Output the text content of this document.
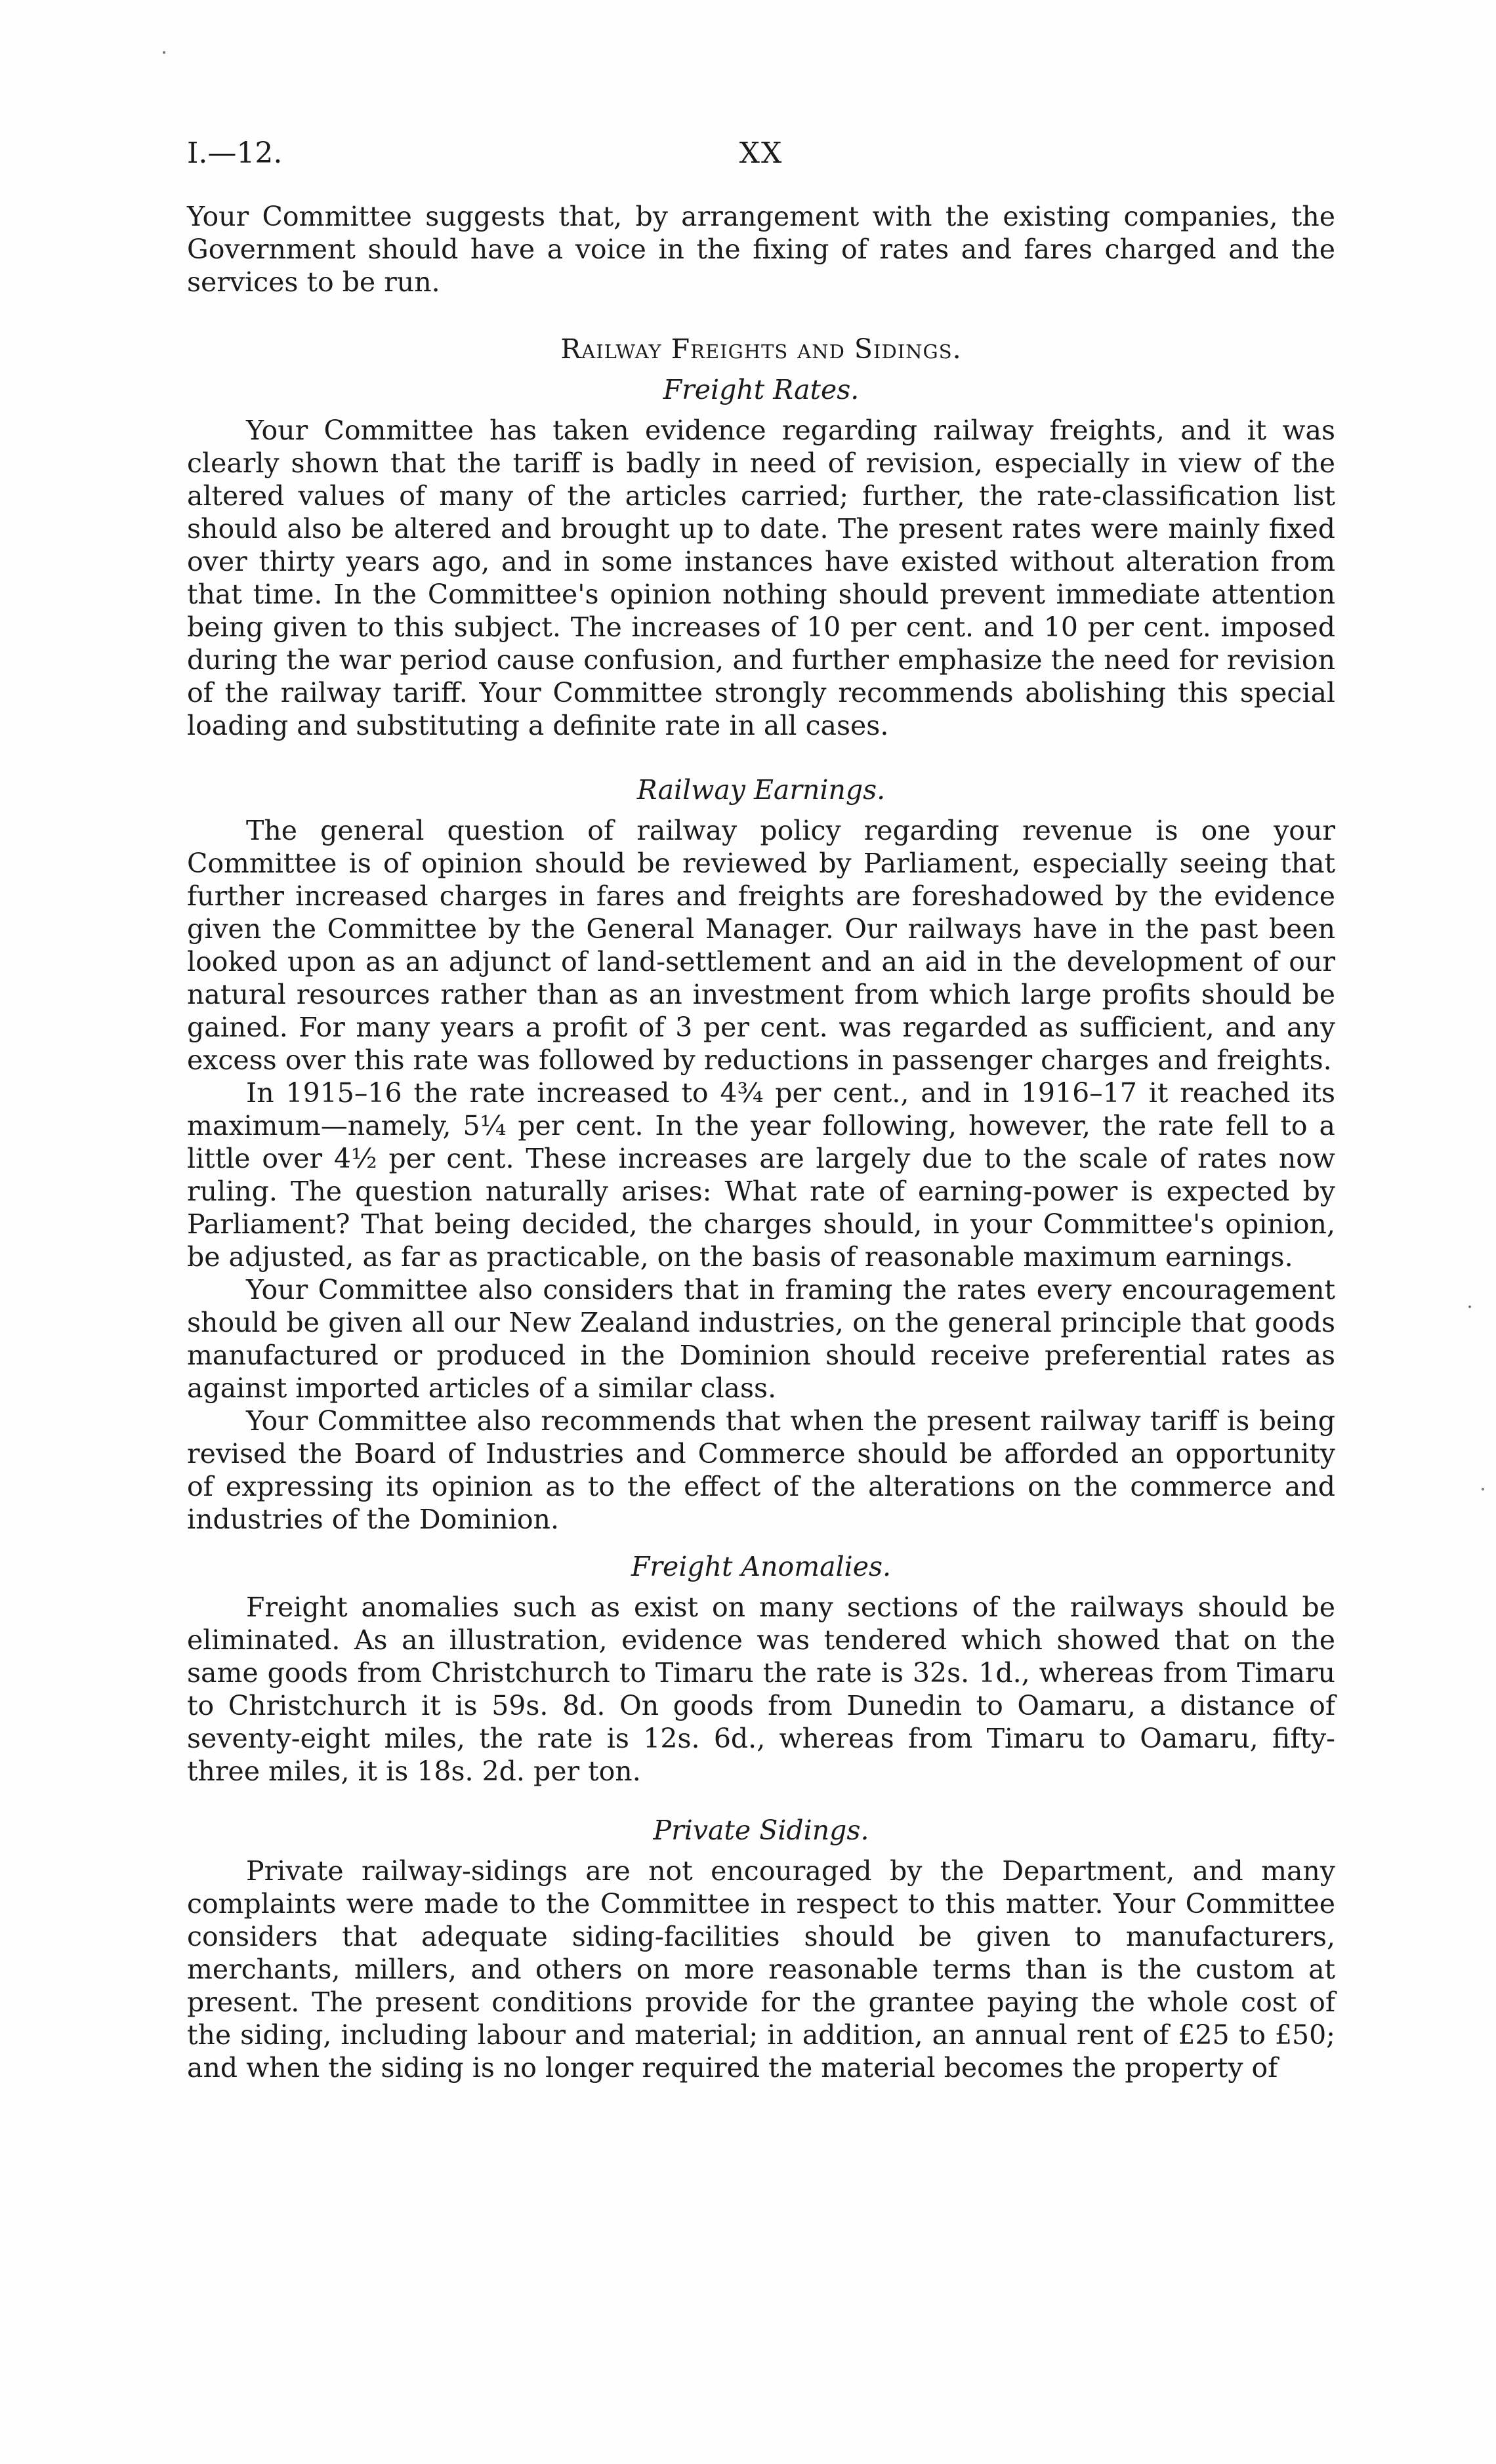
I.—12.	XX

Your Committee suggests that, by arrangement with the existing companies, the Government should have a voice in the fixing of rates and fares charged and the services to be run.

Railway Freights and Sidings.
Freight Rates.

Your Committee has taken evidence regarding railway freights, and it was clearly shown that the tariff is badly in need of revision, especially in view of the altered values of many of the articles carried; further, the rate-classification list should also be altered and brought up to date. The present rates were mainly fixed over thirty years ago, and in some instances have existed without alteration from that time. In the Committee's opinion nothing should prevent immediate attention being given to this subject. The increases of 10 per cent. and 10 per cent. imposed during the war period cause confusion, and further emphasize the need for revision of the railway tariff. Your Committee strongly recommends abolishing this special loading and substituting a definite rate in all cases.

Railway Earnings.

The general question of railway policy regarding revenue is one your Committee is of opinion should be reviewed by Parliament, especially seeing that further increased charges in fares and freights are foreshadowed by the evidence given the Committee by the General Manager. Our railways have in the past been looked upon as an adjunct of land-settlement and an aid in the development of our natural resources rather than as an investment from which large profits should be gained. For many years a profit of 3 per cent. was regarded as sufficient, and any excess over this rate was followed by reductions in passenger charges and freights.

In 1915–16 the rate increased to 4¾ per cent., and in 1916–17 it reached its maximum—namely, 5¼ per cent. In the year following, however, the rate fell to a little over 4½ per cent. These increases are largely due to the scale of rates now ruling. The question naturally arises: What rate of earning-power is expected by Parliament? That being decided, the charges should, in your Committee's opinion, be adjusted, as far as practicable, on the basis of reasonable maximum earnings.

Your Committee also considers that in framing the rates every encouragement should be given all our New Zealand industries, on the general principle that goods manufactured or produced in the Dominion should receive preferential rates as against imported articles of a similar class.

Your Committee also recommends that when the present railway tariff is being revised the Board of Industries and Commerce should be afforded an opportunity of expressing its opinion as to the effect of the alterations on the commerce and industries of the Dominion.

Freight Anomalies.

Freight anomalies such as exist on many sections of the railways should be eliminated. As an illustration, evidence was tendered which showed that on the same goods from Christchurch to Timaru the rate is 32s. 1d., whereas from Timaru to Christchurch it is 59s. 8d. On goods from Dunedin to Oamaru, a distance of seventy-eight miles, the rate is 12s. 6d., whereas from Timaru to Oamaru, fifty-three miles, it is 18s. 2d. per ton.

Private Sidings.

Private railway-sidings are not encouraged by the Department, and many complaints were made to the Committee in respect to this matter. Your Committee considers that adequate siding-facilities should be given to manufacturers, merchants, millers, and others on more reasonable terms than is the custom at present. The present conditions provide for the grantee paying the whole cost of the siding, including labour and material; in addition, an annual rent of £25 to £50; and when the siding is no longer required the material becomes the property of
